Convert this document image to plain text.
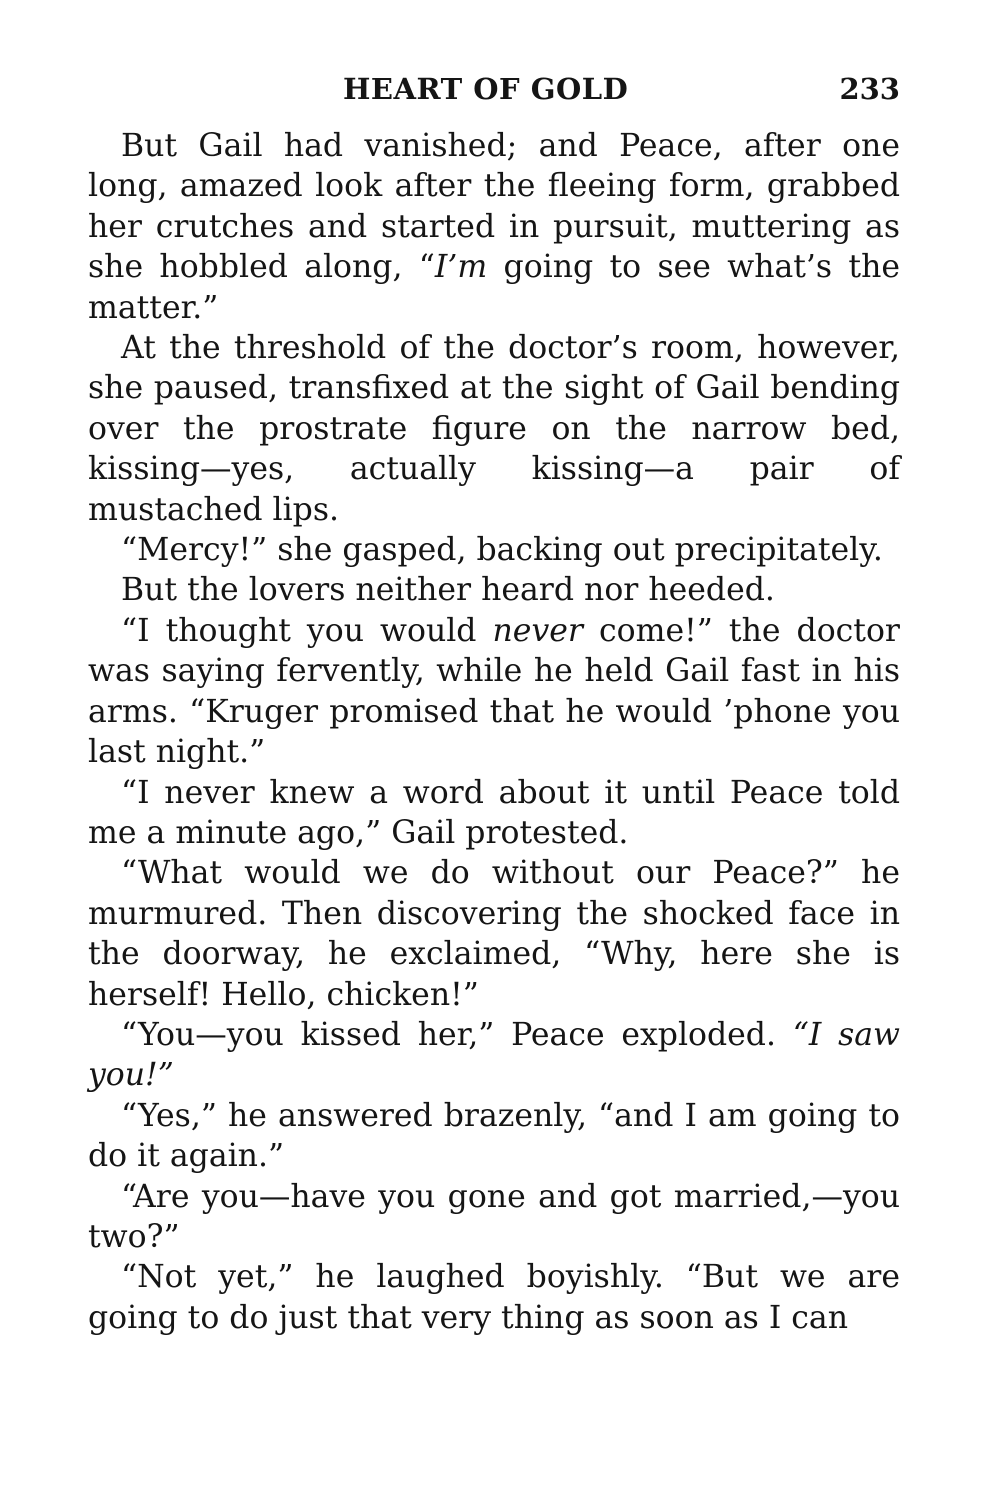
HEART OF GOLD	233

But Gail had vanished; and Peace, after one long, amazed look after the fleeing form, grabbed her crutches and started in pursuit, muttering as she hobbled along, “I’m going to see what’s the matter.”

At the threshold of the doctor’s room, however, she paused, transfixed at the sight of Gail bending over the prostrate figure on the narrow bed, kissing—yes, actually kissing—a pair of mustached lips.

“Mercy!” she gasped, backing out precipitately.

But the lovers neither heard nor heeded.

“I thought you would never come!” the doctor was saying fervently, while he held Gail fast in his arms. “Kruger promised that he would ’phone you last night.”

“I never knew a word about it until Peace told me a minute ago,” Gail protested.

“What would we do without our Peace?” he murmured. Then discovering the shocked face in the doorway, he exclaimed, “Why, here she is herself! Hello, chicken!”

“You—you kissed her,” Peace exploded. “I saw you!”

“Yes,” he answered brazenly, “and I am going to do it again.”

“Are you—have you gone and got married,—you two?”

“Not yet,” he laughed boyishly. “But we are going to do just that very thing as soon as I can
